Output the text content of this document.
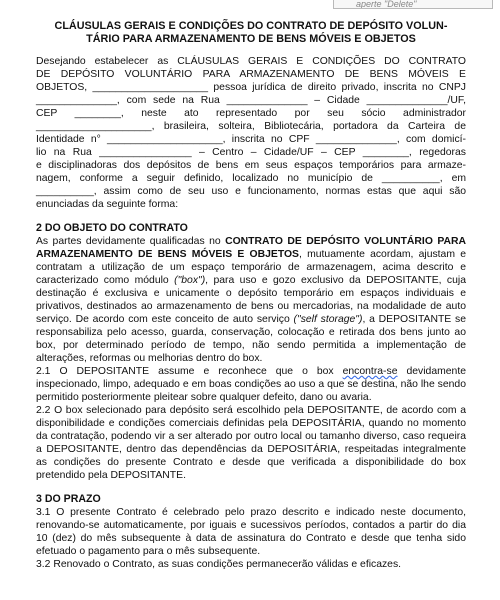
aperte "Delete"
CLÁUSULAS GERAIS E CONDIÇÕES DO CONTRATO DE DEPÓSITO VOLUN-
TÁRIO PARA ARMAZENAMENTO DE BENS MÓVEIS E OBJETOS

Desejando estabelecer as CLÁUSULAS GERAIS E CONDIÇÕES DO CONTRATO
DE DEPÓSITO VOLUNTÁRIO PARA ARMAZENAMENTO DE BENS MÓVEIS E
OBJETOS, ____________________ pessoa jurídica de direito privado, inscrita no CNPJ
______________, com sede na Rua ______________ – Cidade ______________/UF,
CEP ________, neste ato representado por seu sócio administrador
____________________, brasileira, solteira, Bibliotecária, portadora da Carteira de
Identidade n° ____________________, inscrita no CPF ______________, com domicí-
lio na Rua ________________ – Centro – Cidade/UF – CEP ________, regedoras
e disciplinadoras dos depósitos de bens em seus espaços temporários para armaze-
nagem, conforme a seguir definido, localizado no município de __________, em
__________, assim como de seu uso e funcionamento, normas estas que aqui são
enunciadas da seguinte forma:

2 DO OBJETO DO CONTRATO

As partes devidamente qualificadas no CONTRATO DE DEPÓSITO VOLUNTÁRIO PARA ARMAZENAMENTO DE BENS MÓVEIS E OBJETOS, mutuamente acordam, ajustam e contratam a utilização de um espaço temporário de armazenagem, acima descrito e caracterizado como módulo ("box"), para uso e gozo exclusivo da DEPOSITANTE, cuja destinação é exclusiva e unicamente o depósito temporário em espaços individuais e privativos, destinados ao armazenamento de bens ou mercadorias, na modalidade de auto serviço. De acordo com este conceito de auto serviço ("self storage"), a DEPOSITANTE se responsabiliza pelo acesso, guarda, conservação, colocação e retirada dos bens junto ao box, por determinado período de tempo, não sendo permitida a implementação de alterações, reformas ou melhorias dentro do box.

2.1 O DEPOSITANTE assume e reconhece que o box encontra-se devidamente inspecionado, limpo, adequado e em boas condições ao uso a que se destina, não lhe sendo permitido posteriormente pleitear sobre qualquer defeito, dano ou avaria.

2.2 O box selecionado para depósito será escolhido pela DEPOSITANTE, de acordo com a disponibilidade e condições comerciais definidas pela DEPOSITÁRIA, quando no momento da contratação, podendo vir a ser alterado por outro local ou tamanho diverso, caso requeira a DEPOSITANTE, dentro das dependências da DEPOSITÁRIA, respeitadas integralmente as condições do presente Contrato e desde que verificada a disponibilidade do box pretendido pela DEPOSITANTE.

3 DO PRAZO

3.1 O presente Contrato é celebrado pelo prazo descrito e indicado neste documento, renovando-se automaticamente, por iguais e sucessivos períodos, contados a partir do dia 10 (dez) do mês subsequente à data de assinatura do Contrato e desde que tenha sido efetuado o pagamento para o mês subsequente.

3.2 Renovado o Contrato, as suas condições permanecerão válidas e eficazes.
